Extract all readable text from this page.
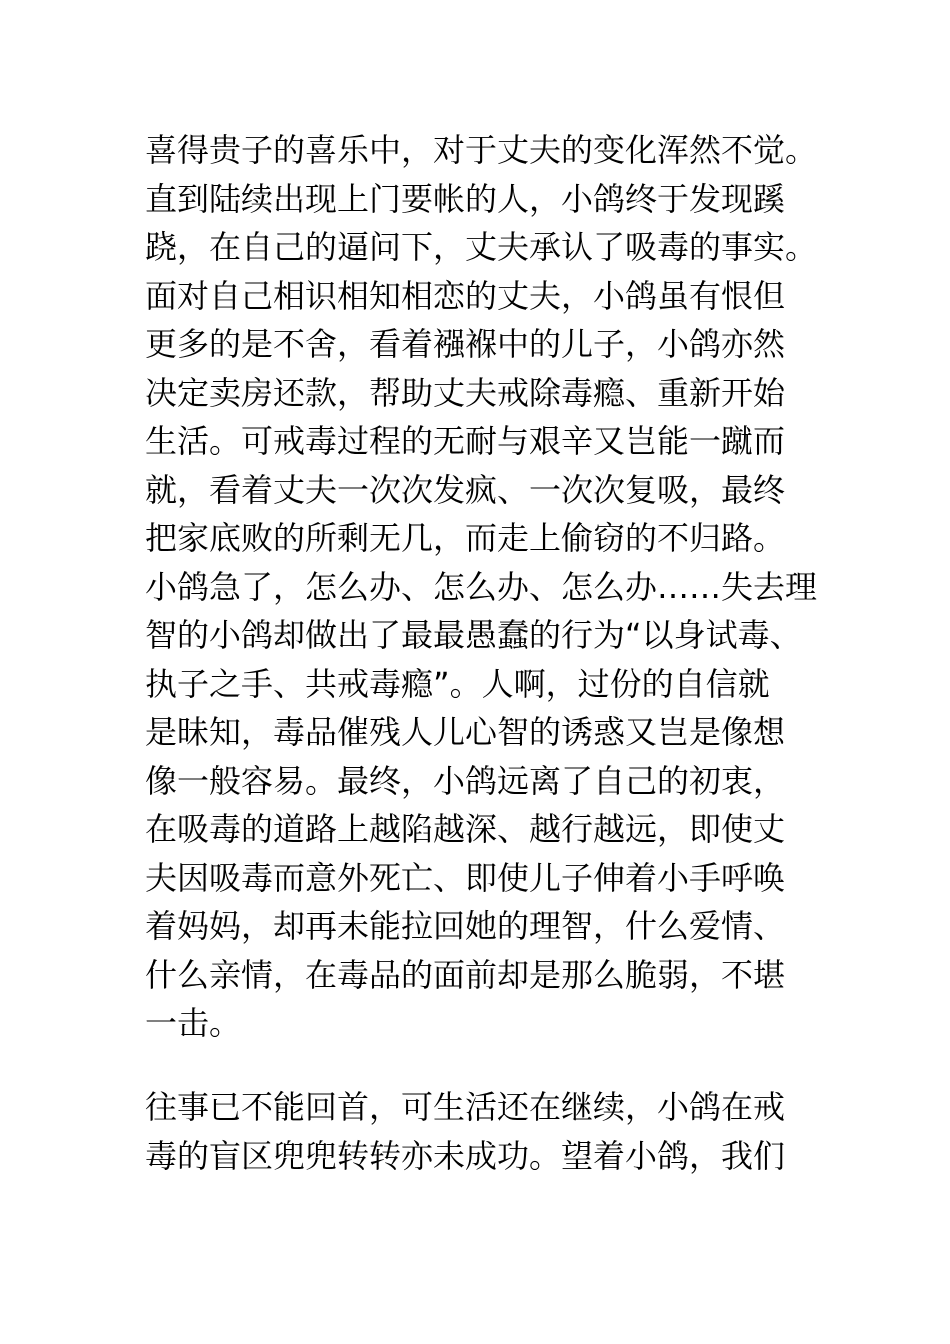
喜得贵子的喜乐中，对于丈夫的变化浑然不觉。
直到陆续出现上门要帐的人，小鸽终于发现蹊
跷，在自己的逼问下，丈夫承认了吸毒的事实。
面对自己相识相知相恋的丈夫，小鸽虽有恨但
更多的是不舍，看着襁褓中的儿子，小鸽亦然
决定卖房还款，帮助丈夫戒除毒瘾、重新开始
生活。可戒毒过程的无耐与艰辛又岂能一蹴而
就，看着丈夫一次次发疯、一次次复吸，最终
把家底败的所剩无几，而走上偷窃的不归路。
小鸽急了，怎么办、怎么办、怎么办……失去理
智的小鸽却做出了最最愚蠢的行为“以身试毒、
执子之手、共戒毒瘾”。人啊，过份的自信就
是昧知，毒品催残人儿心智的诱惑又岂是像想
像一般容易。最终，小鸽远离了自己的初衷，
在吸毒的道路上越陷越深、越行越远，即使丈
夫因吸毒而意外死亡、即使儿子伸着小手呼唤
着妈妈，却再未能拉回她的理智，什么爱情、
什么亲情，在毒品的面前却是那么脆弱，不堪
一击。
往事已不能回首，可生活还在继续，小鸽在戒
毒的盲区兜兜转转亦未成功。望着小鸽，我们
